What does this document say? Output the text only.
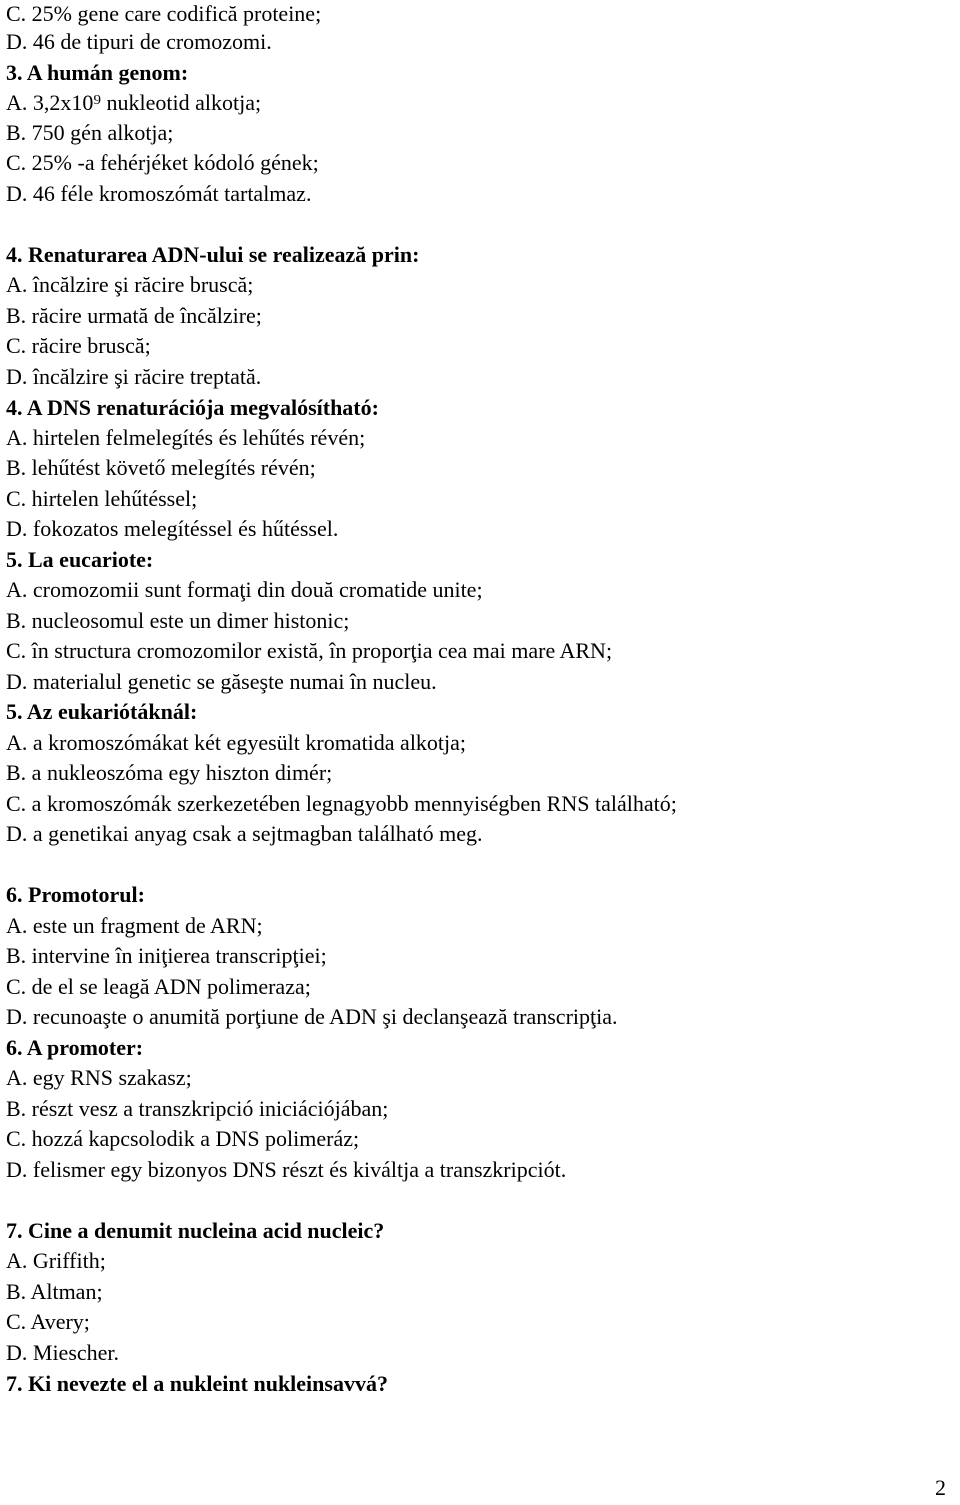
C. 25% gene care codifică proteine;
D. 46 de tipuri de cromozomi.
3. A humán genom:
A. 3,2x10⁹ nukleotid alkotja;
B. 750 gén alkotja;
C. 25% -a fehérjéket kódoló gének;
D. 46 féle kromoszómát tartalmaz.
4. Renaturarea ADN-ului se realizează prin:
A. încălzire şi răcire bruscă;
B. răcire urmată de încălzire;
C. răcire bruscă;
D. încălzire şi răcire treptată.
4. A DNS renaturációja megvalósítható:
A. hirtelen felmelegítés és lehűtés révén;
B. lehűtést követő melegítés révén;
C. hirtelen lehűtéssel;
D. fokozatos melegítéssel és hűtéssel.
5. La eucariote:
A. cromozomii sunt formaţi din două cromatide unite;
B. nucleosomul este un dimer histonic;
C. în structura cromozomilor există, în proporţia cea mai mare ARN;
D. materialul genetic se găseşte numai în nucleu.
5. Az eukariótáknál:
A. a kromoszómákat két egyesült kromatida alkotja;
B. a nukleoszóma egy hiszton dimér;
C. a kromoszómák szerkezetében legnagyobb mennyiségben RNS található;
D. a genetikai anyag csak a sejtmagban található meg.
6. Promotorul:
A. este un fragment de ARN;
B. intervine în iniţierea transcripţiei;
C. de el se leagă ADN polimeraza;
D. recunoaşte o anumită porţiune de ADN şi declanşează transcripţia.
6. A promoter:
A. egy RNS szakasz;
B. részt vesz a transzkripció iniciációjában;
C. hozzá kapcsolodik a DNS polimeráz;
D. felismer egy bizonyos DNS részt és kiváltja a transzkripciót.
7. Cine a denumit nucleina acid nucleic?
A. Griffith;
B. Altman;
C. Avery;
D. Miescher.
7. Ki nevezte el a nukleint nukleinsavvá?
2
